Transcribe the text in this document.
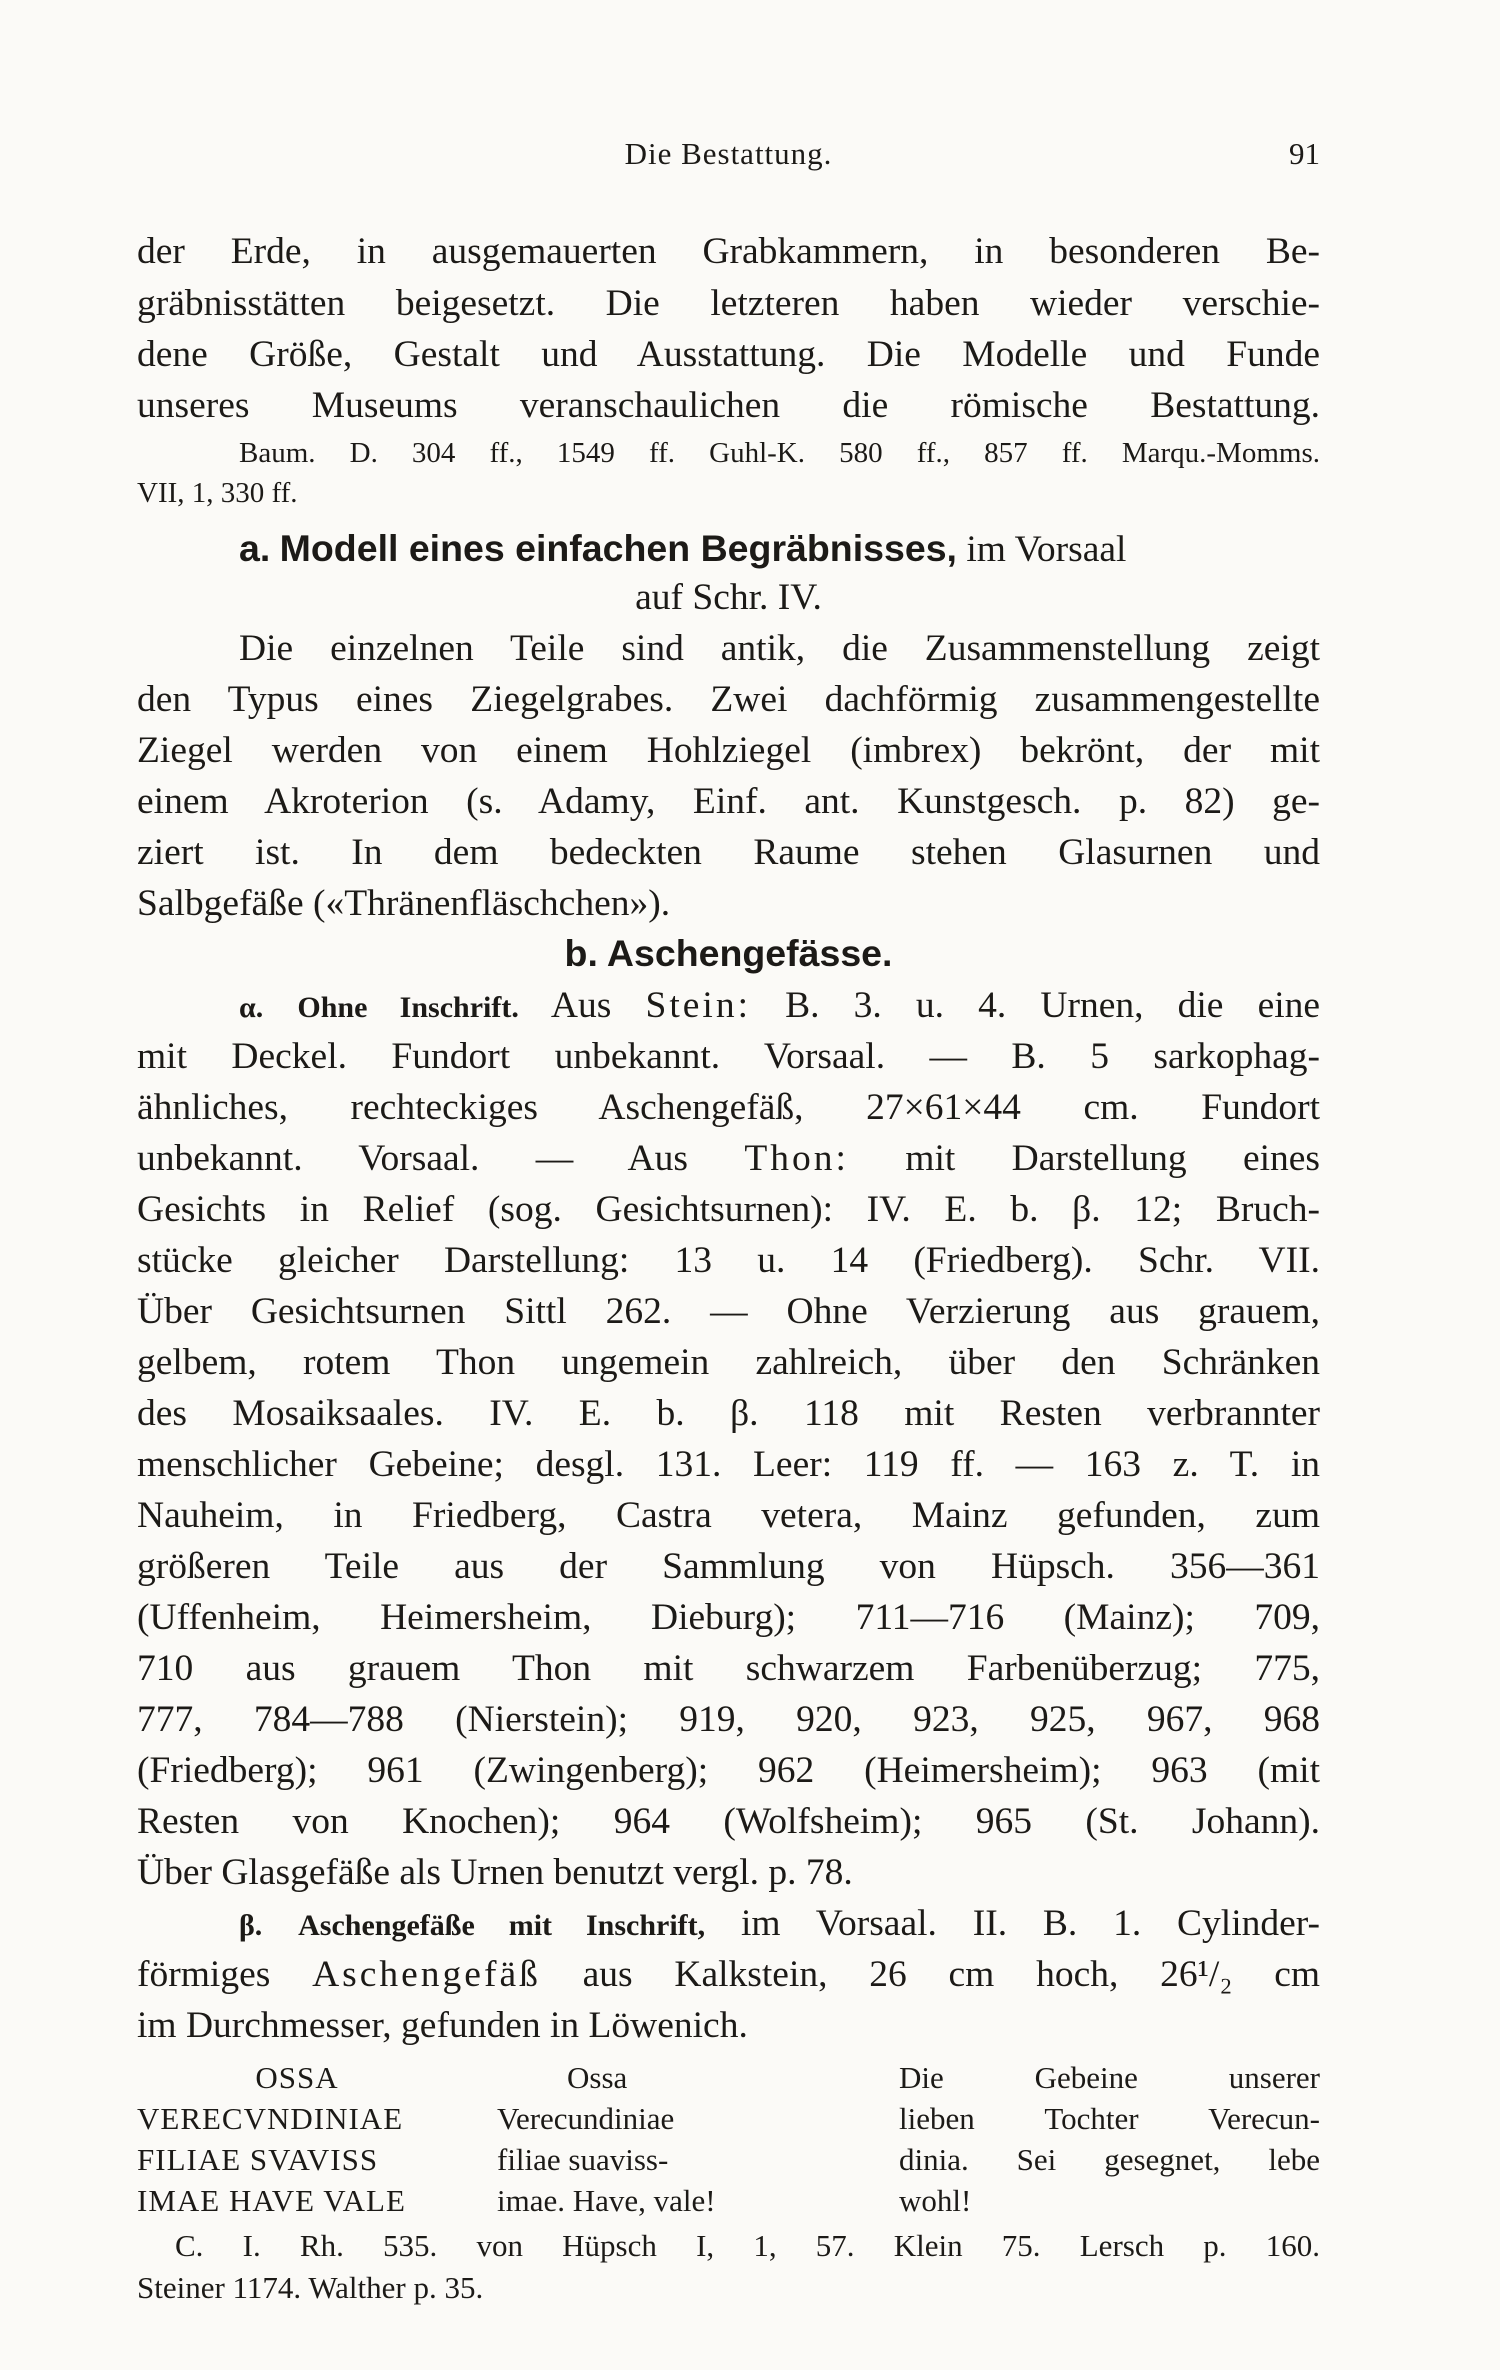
Die Bestattung.	91
der Erde, in ausgemauerten Grabkammern, in besonderen Be-
gräbnisstätten beigesetzt. Die letzteren haben wieder verschie-
dene Größe, Gestalt und Ausstattung. Die Modelle und Funde
unseres Museums veranschaulichen die römische Bestattung.
Baum. D. 304 ff., 1549 ff. Guhl-K. 580 ff., 857 ff. Marqu.-Momms.
VII, 1, 330 ff.
a. Modell eines einfachen Begräbnisses, im Vorsaal
auf Schr. IV.
Die einzelnen Teile sind antik, die Zusammenstellung zeigt
den Typus eines Ziegelgrabes. Zwei dachförmig zusammengestellte
Ziegel werden von einem Hohlziegel (imbrex) bekrönt, der mit
einem Akroterion (s. Adamy, Einf. ant. Kunstgesch. p. 82) ge-
ziert ist. In dem bedeckten Raume stehen Glasurnen und
Salbgefäße («Thränenfläschchen»).
b. Aschengefässe.
α. Ohne Inschrift. Aus Stein: B. 3. u. 4. Urnen, die eine
mit Deckel. Fundort unbekannt. Vorsaal. — B. 5 sarkophag-
ähnliches, rechteckiges Aschengefäß, 27×61×44 cm. Fundort
unbekannt. Vorsaal. — Aus Thon: mit Darstellung eines
Gesichts in Relief (sog. Gesichtsurnen): IV. E. b. β. 12; Bruch-
stücke gleicher Darstellung: 13 u. 14 (Friedberg). Schr. VII.
Über Gesichtsurnen Sittl 262. — Ohne Verzierung aus grauem,
gelbem, rotem Thon ungemein zahlreich, über den Schränken
des Mosaiksaales. IV. E. b. β. 118 mit Resten verbrannter
menschlicher Gebeine; desgl. 131. Leer: 119 ff. — 163 z. T. in
Nauheim, in Friedberg, Castra vetera, Mainz gefunden, zum
größeren Teile aus der Sammlung von Hüpsch. 356—361
(Uffenheim, Heimersheim, Dieburg); 711—716 (Mainz); 709,
710 aus grauem Thon mit schwarzem Farbenüberzug; 775,
777, 784—788 (Nierstein); 919, 920, 923, 925, 967, 968
(Friedberg); 961 (Zwingenberg); 962 (Heimersheim); 963 (mit
Resten von Knochen); 964 (Wolfsheim); 965 (St. Johann).
Über Glasgefäße als Urnen benutzt vergl. p. 78.
β. Aschengefäße mit Inschrift, im Vorsaal. II. B. 1. Cylinder-
förmiges Aschengefäß aus Kalkstein, 26 cm hoch, 26¹/₂ cm
im Durchmesser, gefunden in Löwenich.
OSSA	Ossa	Die Gebeine unserer
VERECVNDINIAE	Verecundiniae	lieben Tochter Verecun-
FILIAE SVAVISS	filiae suaviss-	dinia. Sei gesegnet, lebe
IMAE HAVE VALE	imae. Have, vale!	wohl!
C. I. Rh. 535. von Hüpsch I, 1, 57. Klein 75. Lersch p. 160.
Steiner 1174. Walther p. 35.
